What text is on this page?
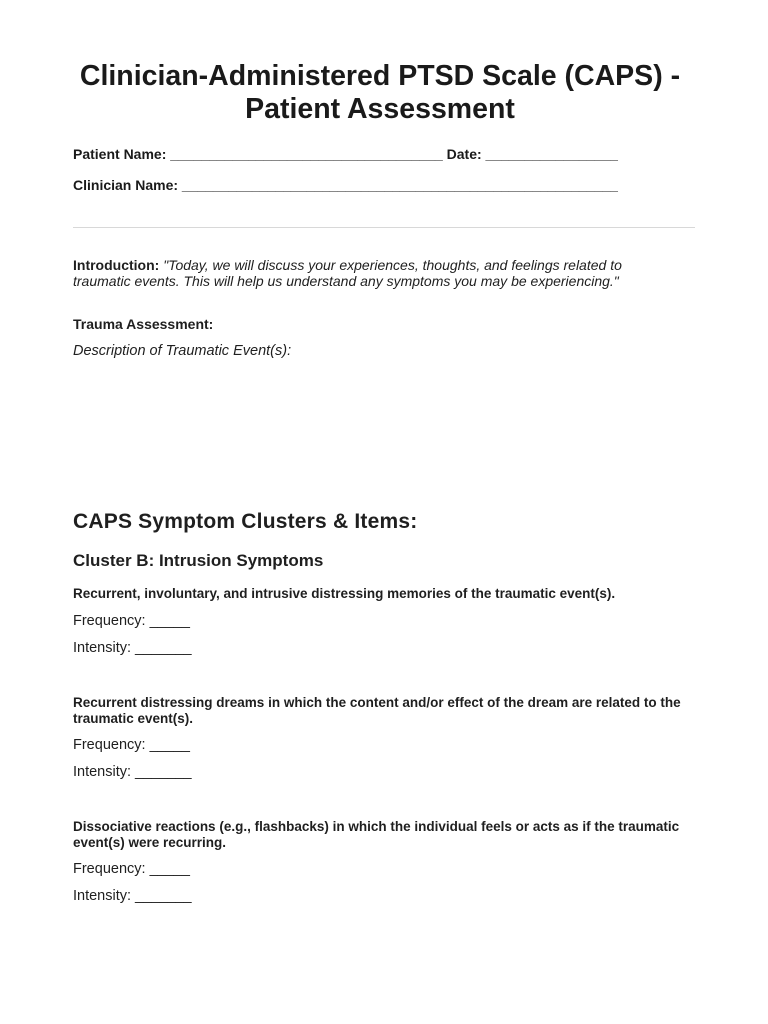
Clinician-Administered PTSD Scale (CAPS) - Patient Assessment
Patient Name: ___________________________________ Date: _________________
Clinician Name: ________________________________________________________

Introduction: "Today, we will discuss your experiences, thoughts, and feelings related to traumatic events. This will help us understand any symptoms you may be experiencing."

Trauma Assessment:
Description of Traumatic Event(s):
CAPS Symptom Clusters & Items:
Cluster B: Intrusion Symptoms
Recurrent, involuntary, and intrusive distressing memories of the traumatic event(s).
Frequency: _____
Intensity: _______
Recurrent distressing dreams in which the content and/or effect of the dream are related to the traumatic event(s).
Frequency: _____
Intensity: _______
Dissociative reactions (e.g., flashbacks) in which the individual feels or acts as if the traumatic event(s) were recurring.
Frequency: _____
Intensity: _______
